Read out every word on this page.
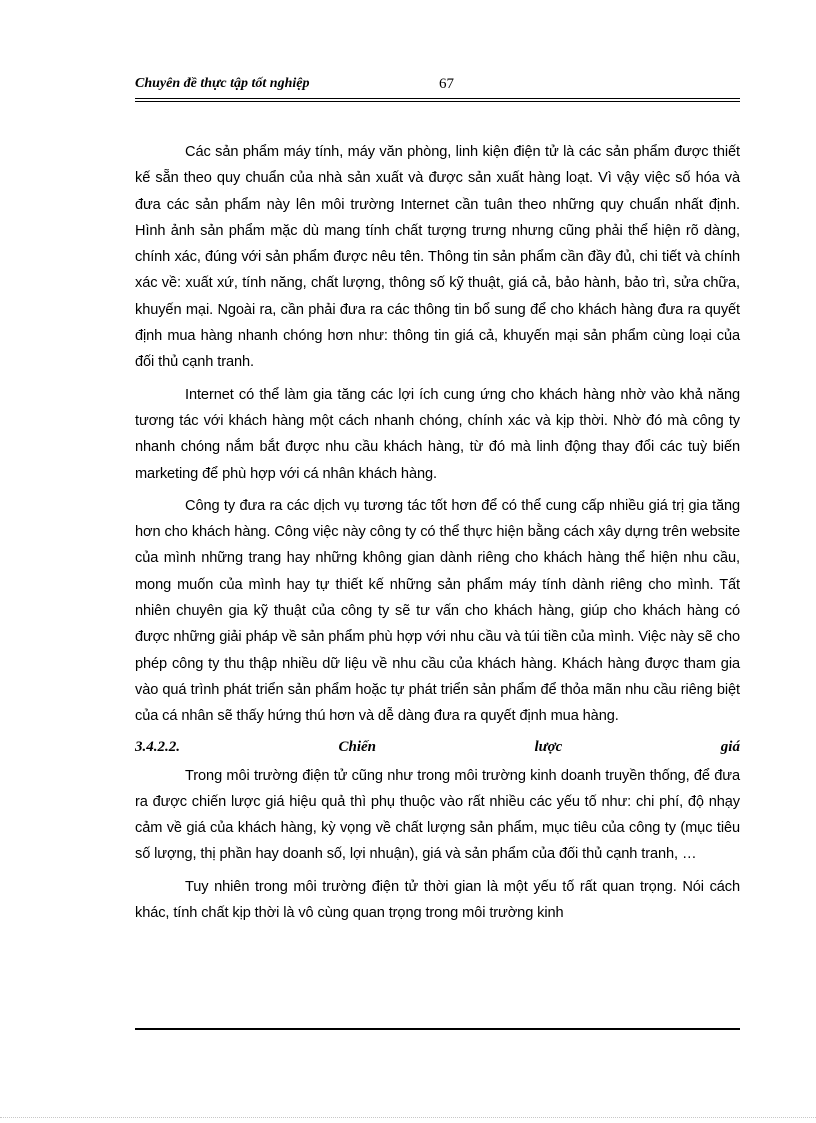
Chuyên đề thực tập tốt nghiệp	67

Các sản phẩm máy tính, máy văn phòng, linh kiện điện tử là các sản phẩm được thiết kế sẵn theo quy chuẩn của nhà sản xuất và được sản xuất hàng loạt. Vì vậy việc số hóa và đưa các sản phẩm này lên môi trường Internet cần tuân theo những quy chuẩn nhất định. Hình ảnh sản phẩm mặc dù mang tính chất tượng trưng nhưng cũng phải thể hiện rõ dàng, chính xác, đúng với sản phẩm được nêu tên. Thông tin sản phẩm cần đầy đủ, chi tiết và chính xác về: xuất xứ, tính năng, chất lượng, thông số kỹ thuật, giá cả, bảo hành, bảo trì, sửa chữa, khuyến mại. Ngoài ra, cần phải đưa ra các thông tin bổ sung để cho khách hàng đưa ra quyết định mua hàng nhanh chóng hơn như: thông tin giá cả, khuyến mại sản phẩm cùng loại của đối thủ cạnh tranh.

Internet có thể làm gia tăng các lợi ích cung ứng cho khách hàng nhờ vào khả năng tương tác với khách hàng một cách nhanh chóng, chính xác và kịp thời. Nhờ đó mà công ty nhanh chóng nắm bắt được nhu cầu khách hàng, từ đó mà linh động thay đổi các tuỳ biến marketing để phù hợp với cá nhân khách hàng.

Công ty đưa ra các dịch vụ tương tác tốt hơn để có thể cung cấp nhiều giá trị gia tăng hơn cho khách hàng. Công việc này công ty có thể thực hiện bằng cách xây dựng trên website của mình những trang hay những không gian dành riêng cho khách hàng thể hiện nhu cầu, mong muốn của mình hay tự thiết kế những sản phẩm máy tính dành riêng cho mình. Tất nhiên chuyên gia kỹ thuật của công ty sẽ tư vấn cho khách hàng, giúp cho khách hàng có được những giải pháp về sản phẩm phù hợp với nhu cầu và túi tiền của mình. Việc này sẽ cho phép công ty thu thập nhiều dữ liệu về nhu cầu của khách hàng. Khách hàng được tham gia vào quá trình phát triển sản phẩm hoặc tự phát triển sản phẩm để thỏa mãn nhu cầu riêng biệt của cá nhân sẽ thấy hứng thú hơn và dễ dàng đưa ra quyết định mua hàng.

3.4.2.2.	Chiến	lược	giá

Trong môi trường điện tử cũng như trong môi trường kinh doanh truyền thống, để đưa ra được chiến lược giá hiệu quả thì phụ thuộc vào rất nhiều các yếu tố như: chi phí, độ nhạy cảm về giá của khách hàng, kỳ vọng về chất lượng sản phẩm, mục tiêu của công ty (mục tiêu số lượng, thị phần hay doanh số, lợi nhuận), giá và sản phẩm của đối thủ cạnh tranh, …

Tuy nhiên trong môi trường điện tử thời gian là một yếu tố rất quan trọng. Nói cách khác, tính chất kịp thời là vô cùng quan trọng trong môi trường kinh
